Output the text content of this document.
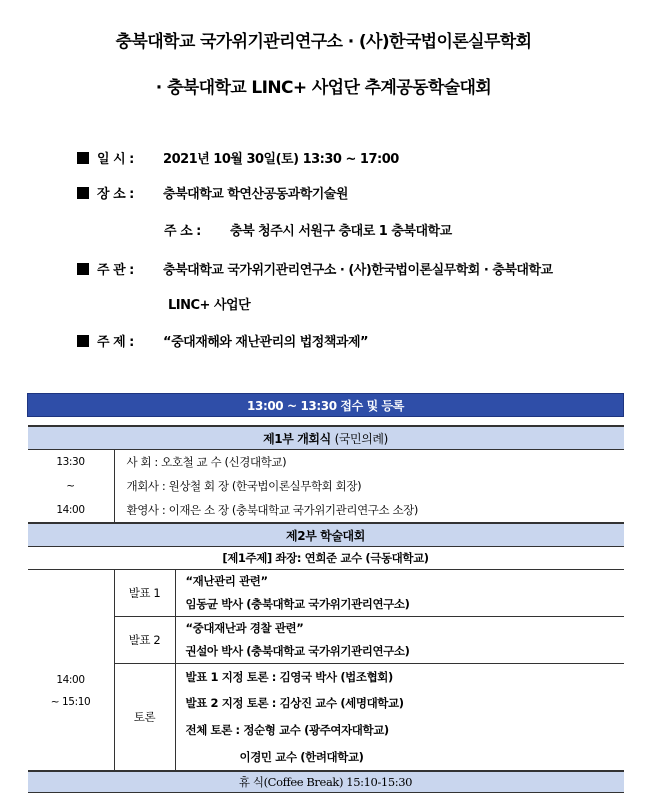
충북대학교 국가위기관리연구소 · (사)한국법이론실무학회
· 충북대학교 LINC+ 사업단 추계공동학술대회
일 시 : 2021년 10월 30일(토) 13:30 ~ 17:00
장 소 : 충북대학교 학연산공동과학기술원
주 소 : 충북 청주시 서원구 충대로 1 충북대학교
주 관 : 충북대학교 국가위기관리연구소 · (사)한국법이론실무학회 · 충북대학교
LINC+ 사업단
주 제 : “중대재해와 재난관리의 법정책과제”
13:00 ~ 13:30 접수 및 등록		

제1부 개회식 (국민의례)		
13:30	사 회 : 오호철 교 수 (신경대학교)	
~	개회사 : 원상철 회 장 (한국법이론실무학회 회장)	
14:00	환영사 : 이재은 소 장 (충북대학교 국가위기관리연구소 소장)	
제2부 학술대회		
[제1주제] 좌장: 연희준 교수 (극동대학교)		

14:00
~ 15:10	발표 1	“재난관리 관련”
		임동균 박사 (충북대학교 국가위기관리연구소)
	발표 2	“중대재난과 경찰 관련”
		권설아 박사 (충북대학교 국가위기관리연구소)
	토론	발표 1 지정 토론 : 김영국 박사 (법조협회)
		발표 2 지정 토론 : 김상진 교수 (세명대학교)
		전체 토론 : 정순형 교수 (광주여자대학교)
		이경민 교수 (한려대학교)
휴 식(Coffee Break) 15:10-15:30		
